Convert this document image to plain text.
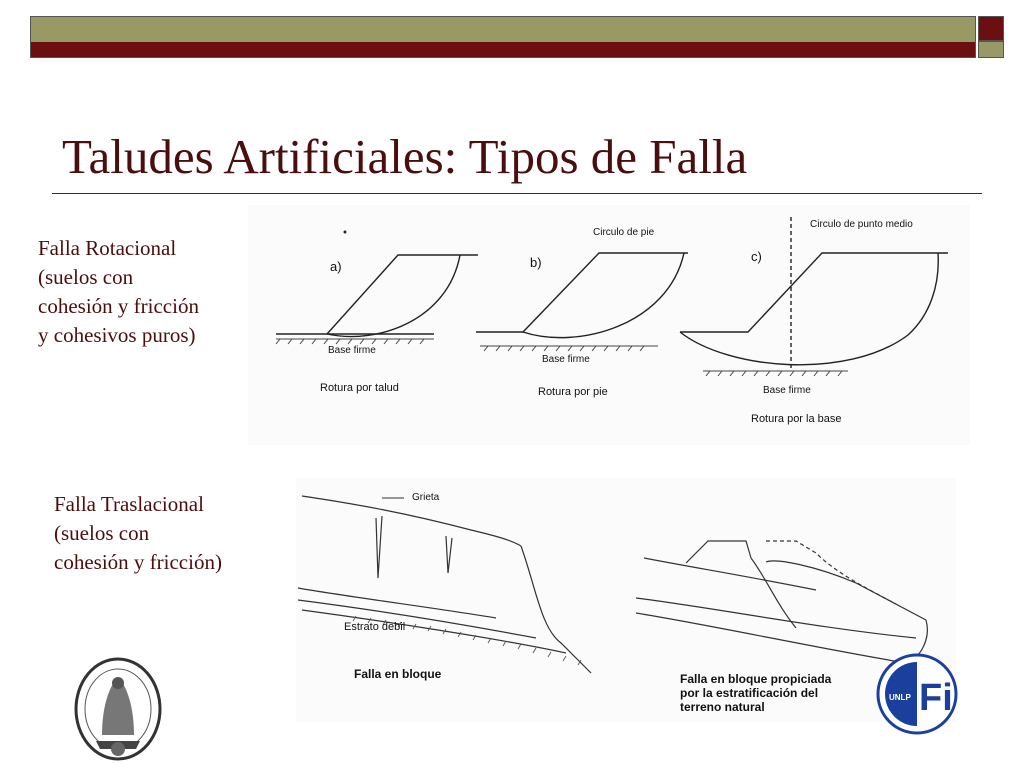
Taludes Artificiales: Tipos de Falla
Falla Rotacional
(suelos con
cohesión y fricción
y cohesivos puros)
Falla Traslacional
(suelos con
cohesión y fricción)
a)
Base firme
Rotura por talud
b)
Circulo de pie
Base firme
Rotura por pie
c)
Circulo de punto medio
Base firme
Rotura por la base
Grieta
Estrato debil
Falla en bloque	Falla en bloque propiciada
por la estratificación del
terreno natural	Fi
UNLP
